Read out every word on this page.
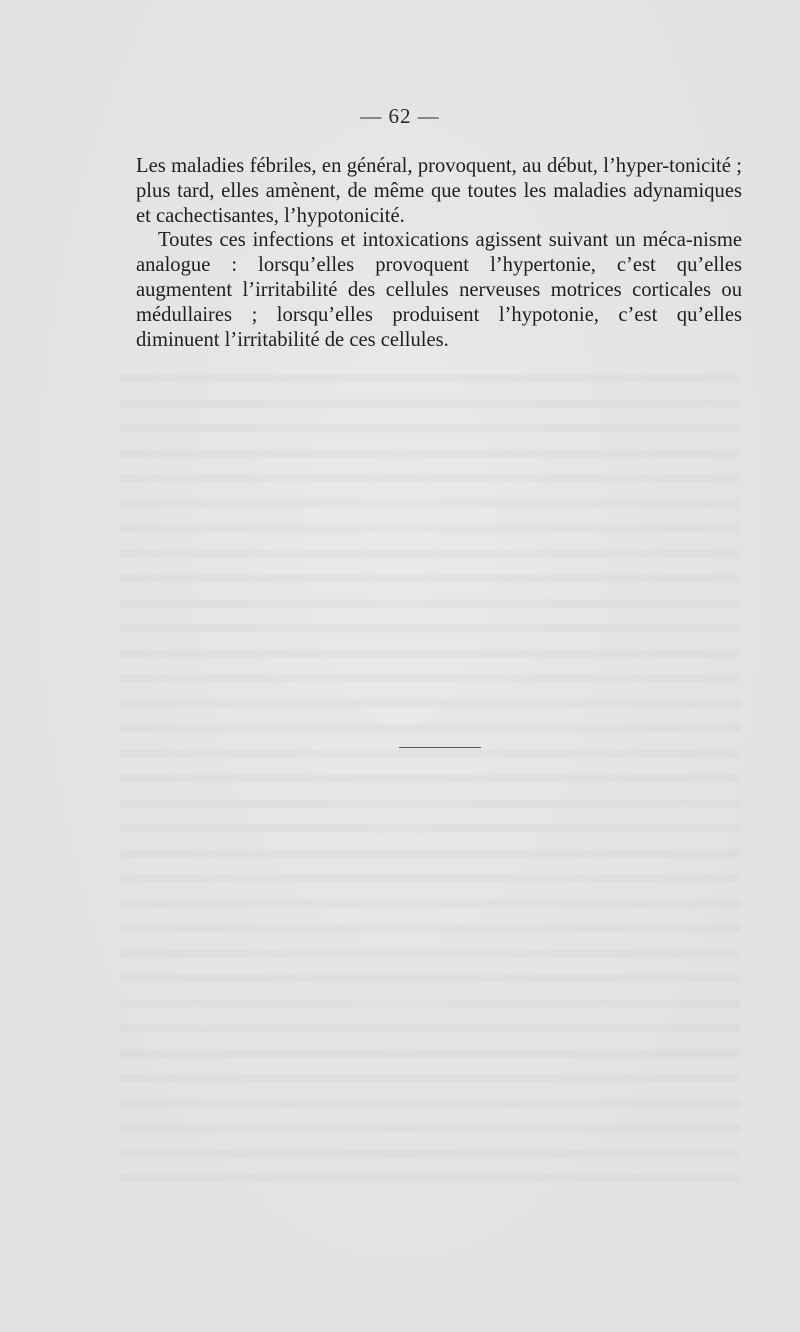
— 62 —

Les maladies fébriles, en général, provoquent, au début, l’hyper-tonicité ; plus tard, elles amènent, de même que toutes les maladies adynamiques et cachectisantes, l’hypotonicité.

Toutes ces infections et intoxications agissent suivant un méca-nisme analogue : lorsqu’elles provoquent l’hypertonie, c’est qu’elles augmentent l’irritabilité des cellules nerveuses motrices corticales ou médullaires ; lorsqu’elles produisent l’hypotonie, c’est qu’elles diminuent l’irritabilité de ces cellules.
